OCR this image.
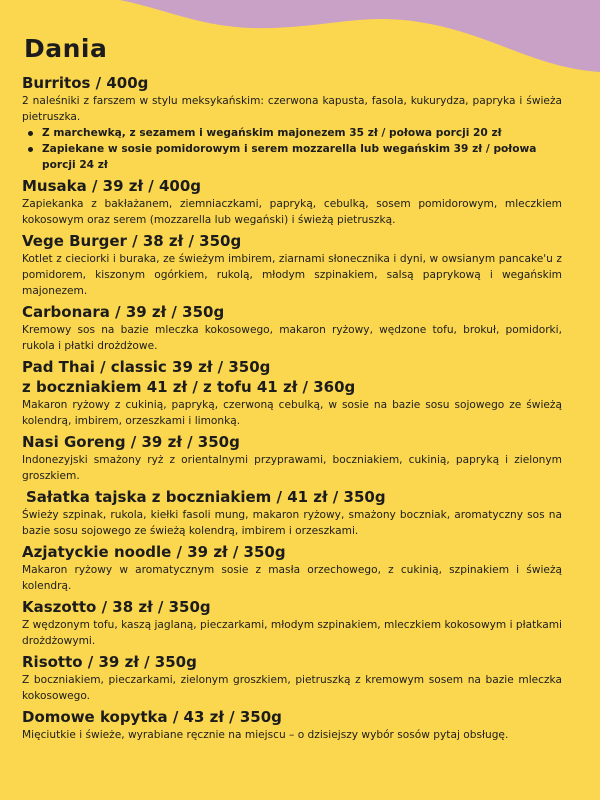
Dania

Burritos / 400g

2 naleśniki z farszem w stylu meksykańskim: czerwona kapusta, fasola, kukurydza, papryka i świeża pietruszka.

Z marchewką, z sezamem i wegańskim majonezem 35 zł / połowa porcji 20 zł
Zapiekane w sosie pomidorowym i serem mozzarella lub wegańskim 39 zł / połowa porcji 24 zł

Musaka / 39 zł / 400g

Zapiekanka z bakłażanem, ziemniaczkami, papryką, cebulką, sosem pomidorowym, mleczkiem kokosowym oraz serem (mozzarella lub wegański) i świeżą pietruszką.

Vege Burger / 38 zł / 350g

Kotlet z cieciorki i buraka, ze świeżym imbirem, ziarnami słonecznika i dyni, w owsianym pancake'u z pomidorem, kiszonym ogórkiem, rukolą, młodym szpinakiem, salsą paprykową i wegańskim majonezem.

Carbonara / 39 zł / 350g

Kremowy sos na bazie mleczka kokosowego, makaron ryżowy, wędzone tofu, brokuł, pomidorki, rukola i płatki drożdżowe.

Pad Thai / classic 39 zł / 350g

z boczniakiem 41 zł / z tofu 41 zł / 360g

Makaron ryżowy z cukinią, papryką, czerwoną cebulką, w sosie na bazie sosu sojowego ze świeżą kolendrą, imbirem, orzeszkami i limonką.

Nasi Goreng / 39 zł / 350g

Indonezyjski smażony ryż z orientalnymi przyprawami, boczniakiem, cukinią, papryką i zielonym groszkiem.

Sałatka tajska z boczniakiem / 41 zł / 350g

Świeży szpinak, rukola, kiełki fasoli mung, makaron ryżowy, smażony boczniak, aromatyczny sos na bazie sosu sojowego ze świeżą kolendrą, imbirem i orzeszkami.

Azjatyckie noodle / 39 zł / 350g

Makaron ryżowy w aromatycznym sosie z masła orzechowego, z cukinią, szpinakiem i świeżą kolendrą.

Kaszotto / 38 zł / 350g

Z wędzonym tofu, kaszą jaglaną, pieczarkami, młodym szpinakiem, mleczkiem kokosowym i płatkami drożdżowymi.

Risotto / 39 zł / 350g

Z boczniakiem, pieczarkami, zielonym groszkiem, pietruszką z kremowym sosem na bazie mleczka kokosowego.

Domowe kopytka / 43 zł / 350g

Mięciutkie i świeże, wyrabiane ręcznie na miejscu – o dzisiejszy wybór sosów pytaj obsługę.
